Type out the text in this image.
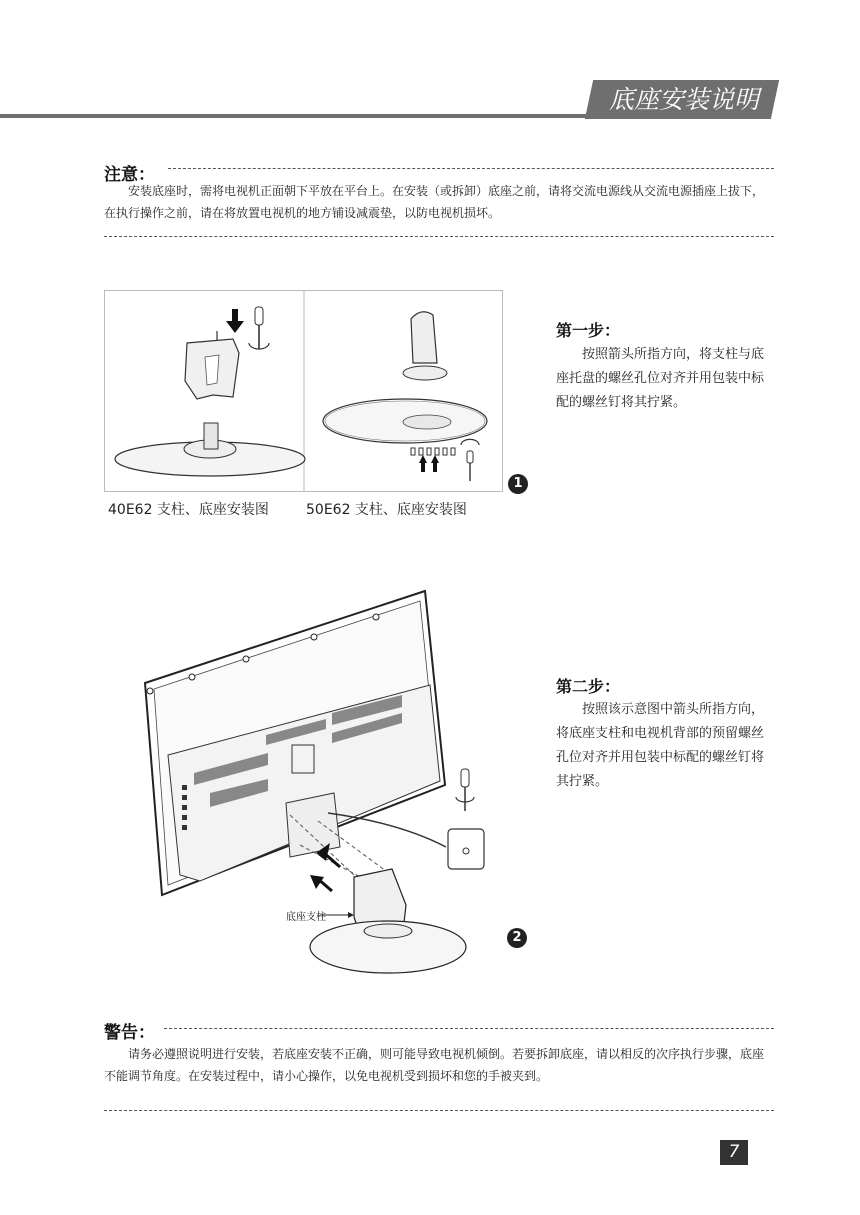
底座安装说明
注意：

安装底座时，需将电视机正面朝下平放在平台上。在安装（或拆卸）底座之前，请将交流电源线从交流电源插座上拔下，在执行操作之前，请在将放置电视机的地方铺设减震垫，以防电视机损坏。

1
40E62 支柱、底座安装图	50E62 支柱、底座安装图
第一步：

按照箭头所指方向，将支柱与底座托盘的螺丝孔位对齐并用包装中标配的螺丝钉将其拧紧。

底座支柱
2
第二步：

按照该示意图中箭头所指方向，将底座支柱和电视机背部的预留螺丝孔位对齐并用包装中标配的螺丝钉将其拧紧。

警告：

请务必遵照说明进行安装，若底座安装不正确，则可能导致电视机倾倒。若要拆卸底座，请以相反的次序执行步骤，底座不能调节角度。在安装过程中，请小心操作，以免电视机受到损坏和您的手被夹到。

7
